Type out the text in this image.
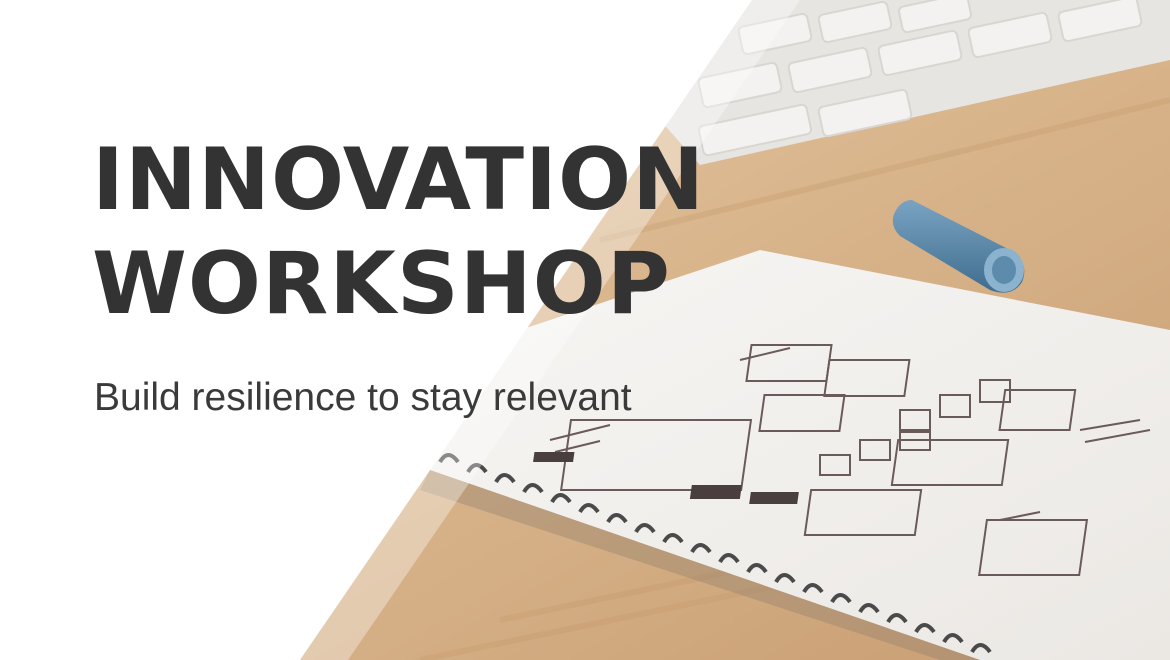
INNOVATION
WORKSHOP

Build resilience to stay relevant
